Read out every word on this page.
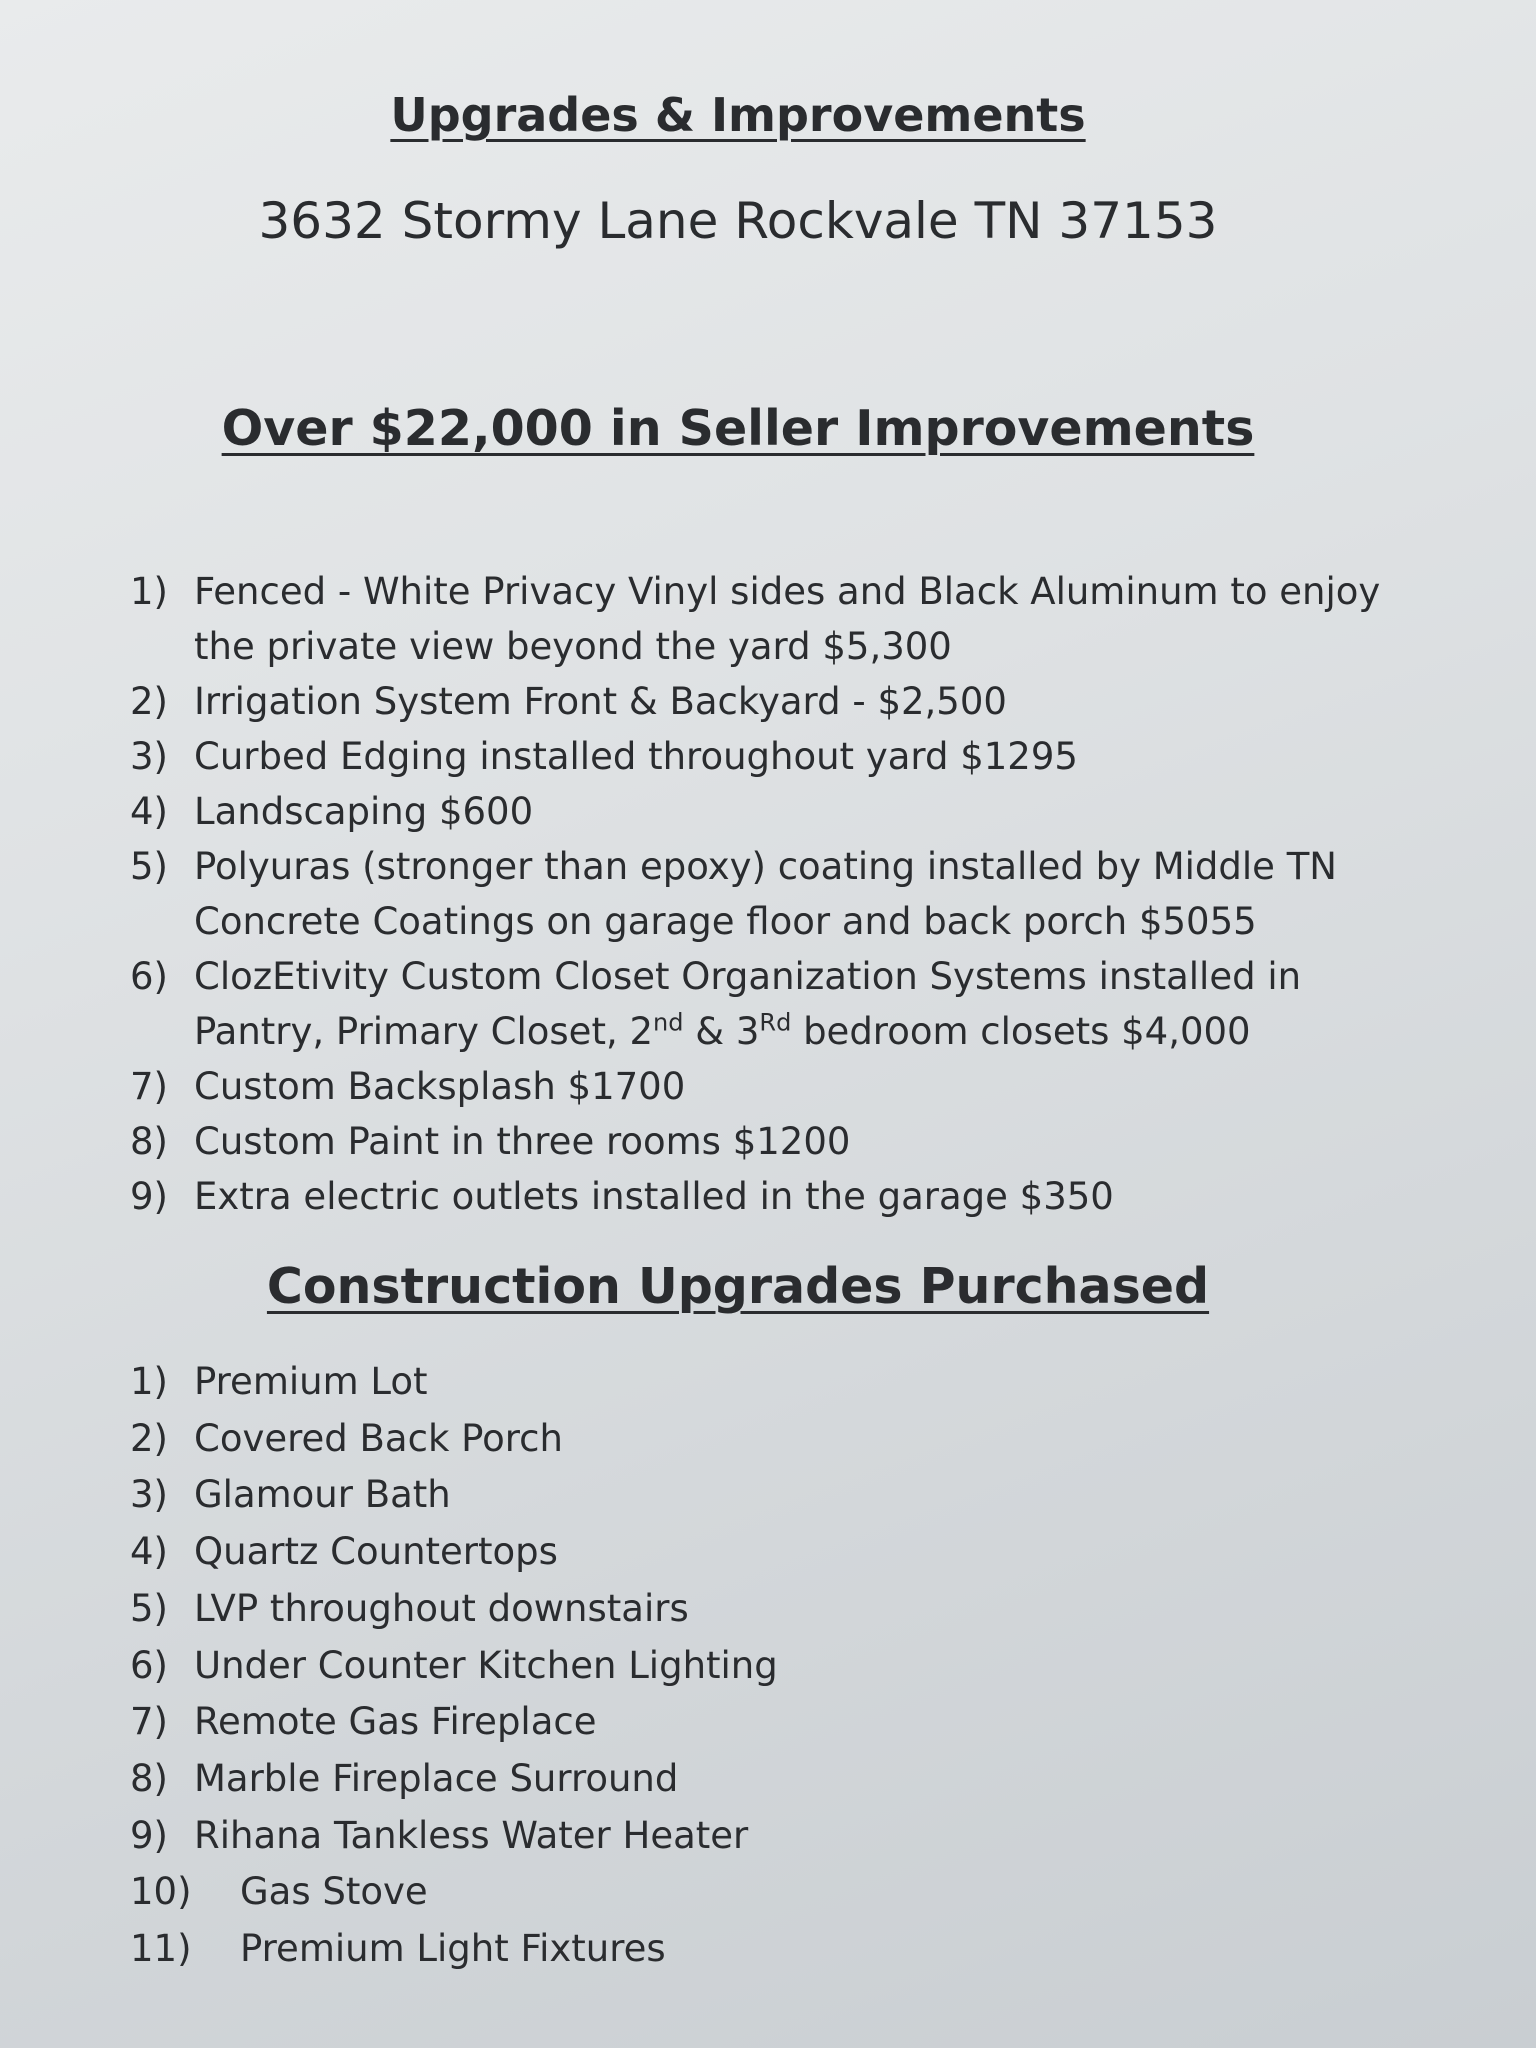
Upgrades & Improvements

3632 Stormy Lane Rockvale TN 37153

Over $22,000 in Seller Improvements
1) Fenced - White Privacy Vinyl sides and Black Aluminum to enjoy the private view beyond the yard $5,300
2) Irrigation System Front & Backyard - $2,500
3) Curbed Edging installed throughout yard $1295
4) Landscaping $600
5) Polyuras (stronger than epoxy) coating installed by Middle TN Concrete Coatings on garage floor and back porch $5055
6) ClozEtivity Custom Closet Organization Systems installed in Pantry, Primary Closet, 2nd & 3Rd bedroom closets $4,000
7) Custom Backsplash $1700
8) Custom Paint in three rooms $1200
9) Extra electric outlets installed in the garage $350
Construction Upgrades Purchased
1) Premium Lot
2) Covered Back Porch
3) Glamour Bath
4) Quartz Countertops
5) LVP throughout downstairs
6) Under Counter Kitchen Lighting
7) Remote Gas Fireplace
8) Marble Fireplace Surround
9) Rihana Tankless Water Heater
10)	Gas Stove
11)	Premium Light Fixtures
